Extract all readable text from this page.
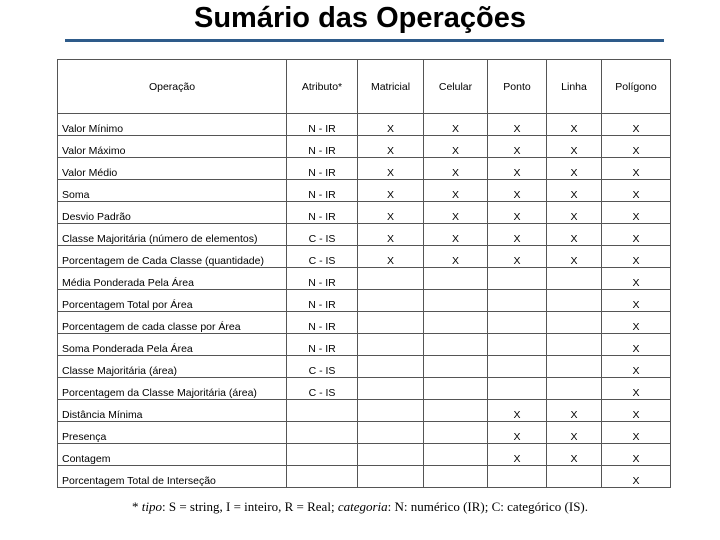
Sumário das Operações
Operação	Atributo*	Matricial	Celular	Ponto	Linha	Polígono
Valor Mínimo	N - IR	X	X	X	X	X
Valor Máximo	N - IR	X	X	X	X	X
Valor Médio	N - IR	X	X	X	X	X
Soma	N - IR	X	X	X	X	X
Desvio Padrão	N - IR	X	X	X	X	X
Classe Majoritária (número de elementos)	C - IS	X	X	X	X	X
Porcentagem de Cada Classe (quantidade)	C - IS	X	X	X	X	X
Média Ponderada Pela Área	N - IR					X
Porcentagem Total por Área	N - IR					X
Porcentagem de cada classe por Área	N - IR					X
Soma Ponderada Pela Área	N - IR					X
Classe Majoritária (área)	C - IS					X
Porcentagem da Classe Majoritária (área)	C - IS					X
Distância Mínima				X	X	X
Presença				X	X	X
Contagem				X	X	X
Porcentagem Total de Interseção						X
* tipo: S = string, I = inteiro, R = Real; categoria: N: numérico (IR); C: categórico (IS).
